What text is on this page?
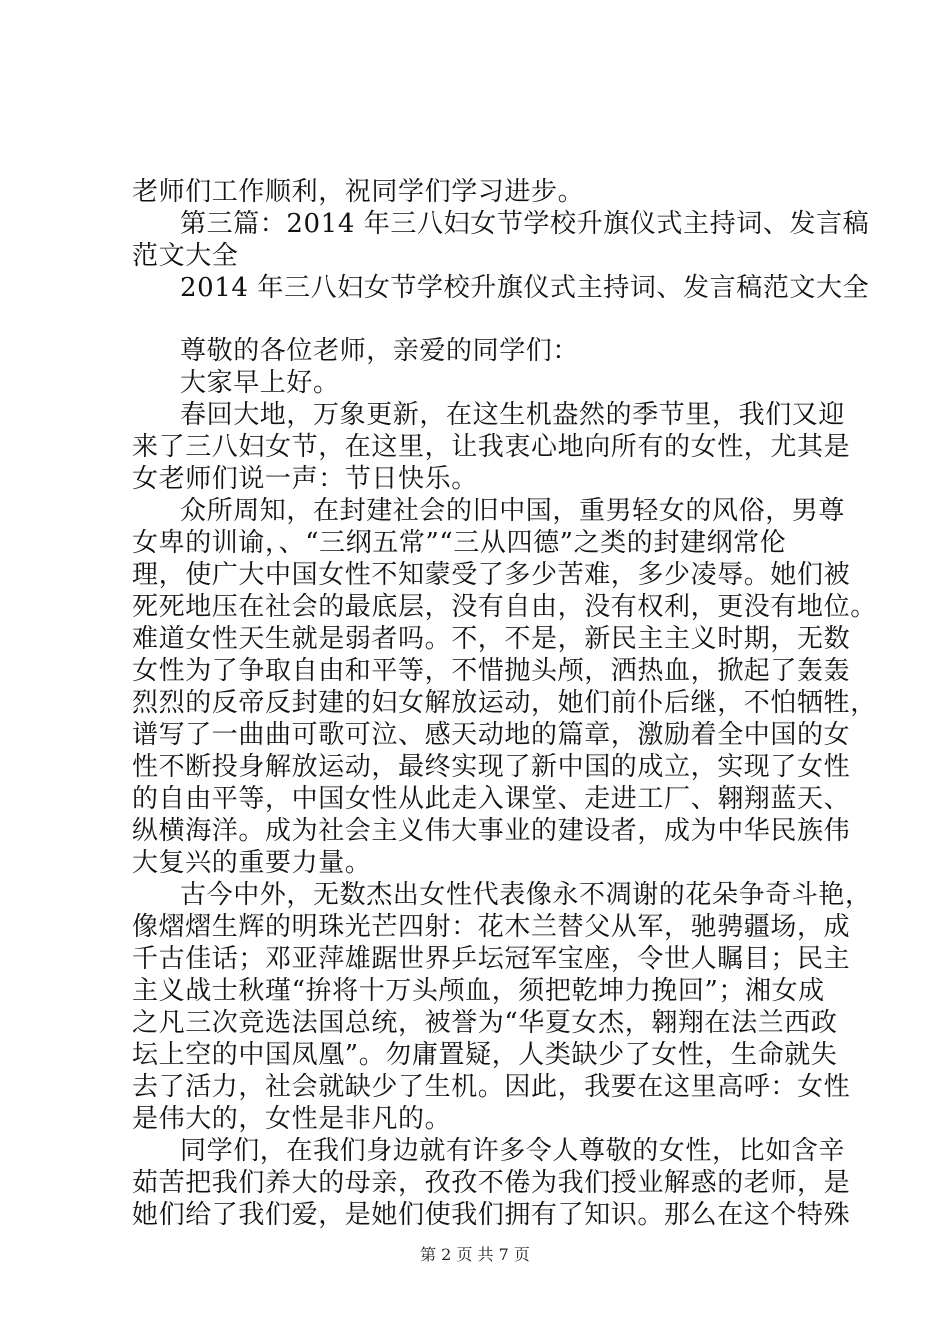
老师们工作顺利，祝同学们学习进步。
第三篇：2014 年三八妇女节学校升旗仪式主持词、发言稿
范文大全
2014 年三八妇女节学校升旗仪式主持词、发言稿范文大全
尊敬的各位老师，亲爱的同学们：
大家早上好。
春回大地，万象更新，在这生机盎然的季节里，我们又迎
来了三八妇女节，在这里，让我衷心地向所有的女性，尤其是
女老师们说一声：节日快乐。
众所周知，在封建社会的旧中国，重男轻女的风俗，男尊
女卑的训谕，、“三纲五常”“三从四德”之类的封建纲常伦
理，使广大中国女性不知蒙受了多少苦难，多少凌辱。她们被
死死地压在社会的最底层，没有自由，没有权利，更没有地位。
难道女性天生就是弱者吗。不，不是，新民主主义时期，无数
女性为了争取自由和平等，不惜抛头颅，洒热血，掀起了轰轰
烈烈的反帝反封建的妇女解放运动，她们前仆后继，不怕牺牲，
谱写了一曲曲可歌可泣、感天动地的篇章，激励着全中国的女
性不断投身解放运动，最终实现了新中国的成立，实现了女性
的自由平等，中国女性从此走入课堂、走进工厂、翱翔蓝天、
纵横海洋。成为社会主义伟大事业的建设者，成为中华民族伟
大复兴的重要力量。
古今中外，无数杰出女性代表像永不凋谢的花朵争奇斗艳，
像熠熠生辉的明珠光芒四射：花木兰替父从军，驰骋疆场，成
千古佳话；邓亚萍雄踞世界乒坛冠军宝座，令世人瞩目；民主
主义战士秋瑾“拚将十万头颅血，须把乾坤力挽回”；湘女成
之凡三次竞选法国总统，被誉为“华夏女杰，翱翔在法兰西政
坛上空的中国凤凰”。勿庸置疑，人类缺少了女性，生命就失
去了活力，社会就缺少了生机。因此，我要在这里高呼：女性
是伟大的，女性是非凡的。
同学们，在我们身边就有许多令人尊敬的女性，比如含辛
茹苦把我们养大的母亲，孜孜不倦为我们授业解惑的老师，是
她们给了我们爱，是她们使我们拥有了知识。那么在这个特殊
第 2 页 共 7 页
